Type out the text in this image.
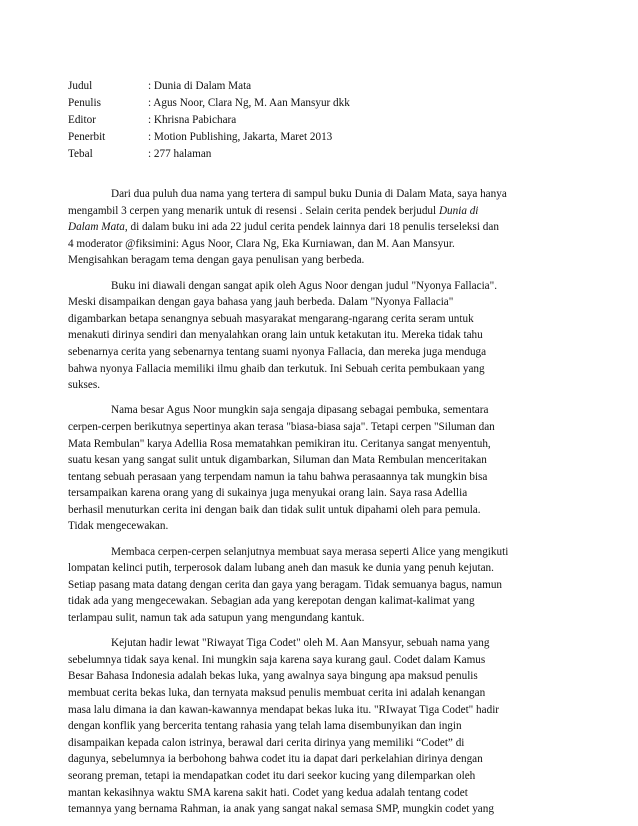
Judul	: Dunia di Dalam Mata
Penulis	: Agus Noor, Clara Ng, M. Aan Mansyur dkk
Editor	: Khrisna Pabichara
Penerbit	: Motion Publishing, Jakarta, Maret 2013
Tebal	: 277 halaman
Dari dua puluh dua nama yang tertera di sampul buku Dunia di Dalam Mata, saya hanya
mengambil 3 cerpen yang menarik untuk di resensi . Selain cerita pendek berjudul Dunia di
Dalam Mata, di dalam buku ini ada 22 judul cerita pendek lainnya dari 18 penulis terseleksi dan
4 moderator @fiksimini: Agus Noor, Clara Ng, Eka Kurniawan, dan M. Aan Mansyur.
Mengisahkan beragam tema dengan gaya penulisan yang berbeda.
Buku ini diawali dengan sangat apik oleh Agus Noor dengan judul "Nyonya Fallacia".
Meski disampaikan dengan gaya bahasa yang jauh berbeda. Dalam "Nyonya Fallacia"
digambarkan betapa senangnya sebuah masyarakat mengarang-ngarang cerita seram untuk
menakuti dirinya sendiri dan menyalahkan orang lain untuk ketakutan itu. Mereka tidak tahu
sebenarnya cerita yang sebenarnya tentang suami nyonya Fallacia, dan mereka juga menduga
bahwa nyonya Fallacia memiliki ilmu ghaib dan terkutuk. Ini Sebuah cerita pembukaan yang
sukses.
Nama besar Agus Noor mungkin saja sengaja dipasang sebagai pembuka, sementara
cerpen-cerpen berikutnya sepertinya akan terasa "biasa-biasa saja". Tetapi cerpen "Siluman dan
Mata Rembulan" karya Adellia Rosa mematahkan pemikiran itu. Ceritanya sangat menyentuh,
suatu kesan yang sangat sulit untuk digambarkan, Siluman dan Mata Rembulan menceritakan
tentang sebuah perasaan yang terpendam namun ia tahu bahwa perasaannya tak mungkin bisa
tersampaikan karena orang yang di sukainya juga menyukai orang lain. Saya rasa Adellia
berhasil menuturkan cerita ini dengan baik dan tidak sulit untuk dipahami oleh para pemula.
Tidak mengecewakan.
Membaca cerpen-cerpen selanjutnya membuat saya merasa seperti Alice yang mengikuti
lompatan kelinci putih, terperosok dalam lubang aneh dan masuk ke dunia yang penuh kejutan.
Setiap pasang mata datang dengan cerita dan gaya yang beragam. Tidak semuanya bagus, namun
tidak ada yang mengecewakan. Sebagian ada yang kerepotan dengan kalimat-kalimat yang
terlampau sulit, namun tak ada satupun yang mengundang kantuk.
Kejutan hadir lewat "Riwayat Tiga Codet" oleh M. Aan Mansyur, sebuah nama yang
sebelumnya tidak saya kenal. Ini mungkin saja karena saya kurang gaul. Codet dalam Kamus
Besar Bahasa Indonesia adalah bekas luka, yang awalnya saya bingung apa maksud penulis
membuat cerita bekas luka, dan ternyata maksud penulis membuat cerita ini adalah kenangan
masa lalu dimana ia dan kawan-kawannya mendapat bekas luka itu. "RIwayat Tiga Codet" hadir
dengan konflik yang bercerita tentang rahasia yang telah lama disembunyikan dan ingin
disampaikan kepada calon istrinya, berawal dari cerita dirinya yang memiliki “Codet” di
dagunya, sebelumnya ia berbohong bahwa codet itu ia dapat dari perkelahian dirinya dengan
seorang preman, tetapi ia mendapatkan codet itu dari seekor kucing yang dilemparkan oleh
mantan kekasihnya waktu SMA karena sakit hati. Codet yang kedua adalah tentang codet
temannya yang bernama Rahman, ia anak yang sangat nakal semasa SMP, mungkin codet yang
